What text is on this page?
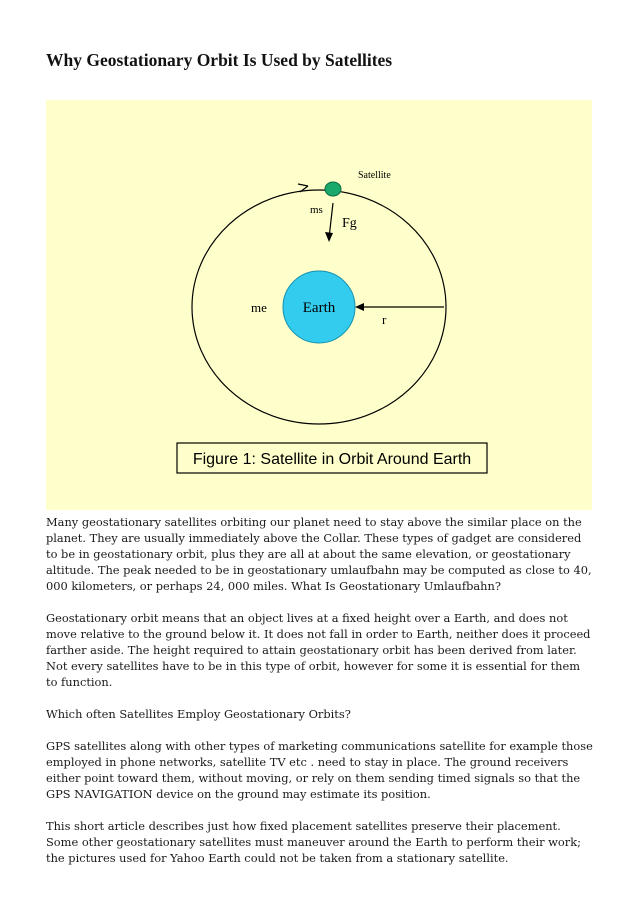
Why Geostationary Orbit Is Used by Satellites
Satellite
ms
Fg
Earth
me
r
Figure 1: Satellite in Orbit Around Earth

Many geostationary satellites orbiting our planet need to stay above the similar place on the planet. They are usually immediately above the Collar. These types of gadget are considered to be in geostationary orbit, plus they are all at about the same elevation, or geostationary altitude. The peak needed to be in geostationary umlaufbahn may be computed as close to 40, 000 kilometers, or perhaps 24, 000 miles. What Is Geostationary Umlaufbahn?

Geostationary orbit means that an object lives at a fixed height over a Earth, and does not move relative to the ground below it. It does not fall in order to Earth, neither does it proceed farther aside. The height required to attain geostationary orbit has been derived from later. Not every satellites have to be in this type of orbit, however for some it is essential for them to function.

Which often Satellites Employ Geostationary Orbits?

GPS satellites along with other types of marketing communications satellite for example those employed in phone networks, satellite TV etc . need to stay in place. The ground receivers either point toward them, without moving, or rely on them sending timed signals so that the GPS NAVIGATION device on the ground may estimate its position.

This short article describes just how fixed placement satellites preserve their placement. Some other geostationary satellites must maneuver around the Earth to perform their work; the pictures used for Yahoo Earth could not be taken from a stationary satellite.
